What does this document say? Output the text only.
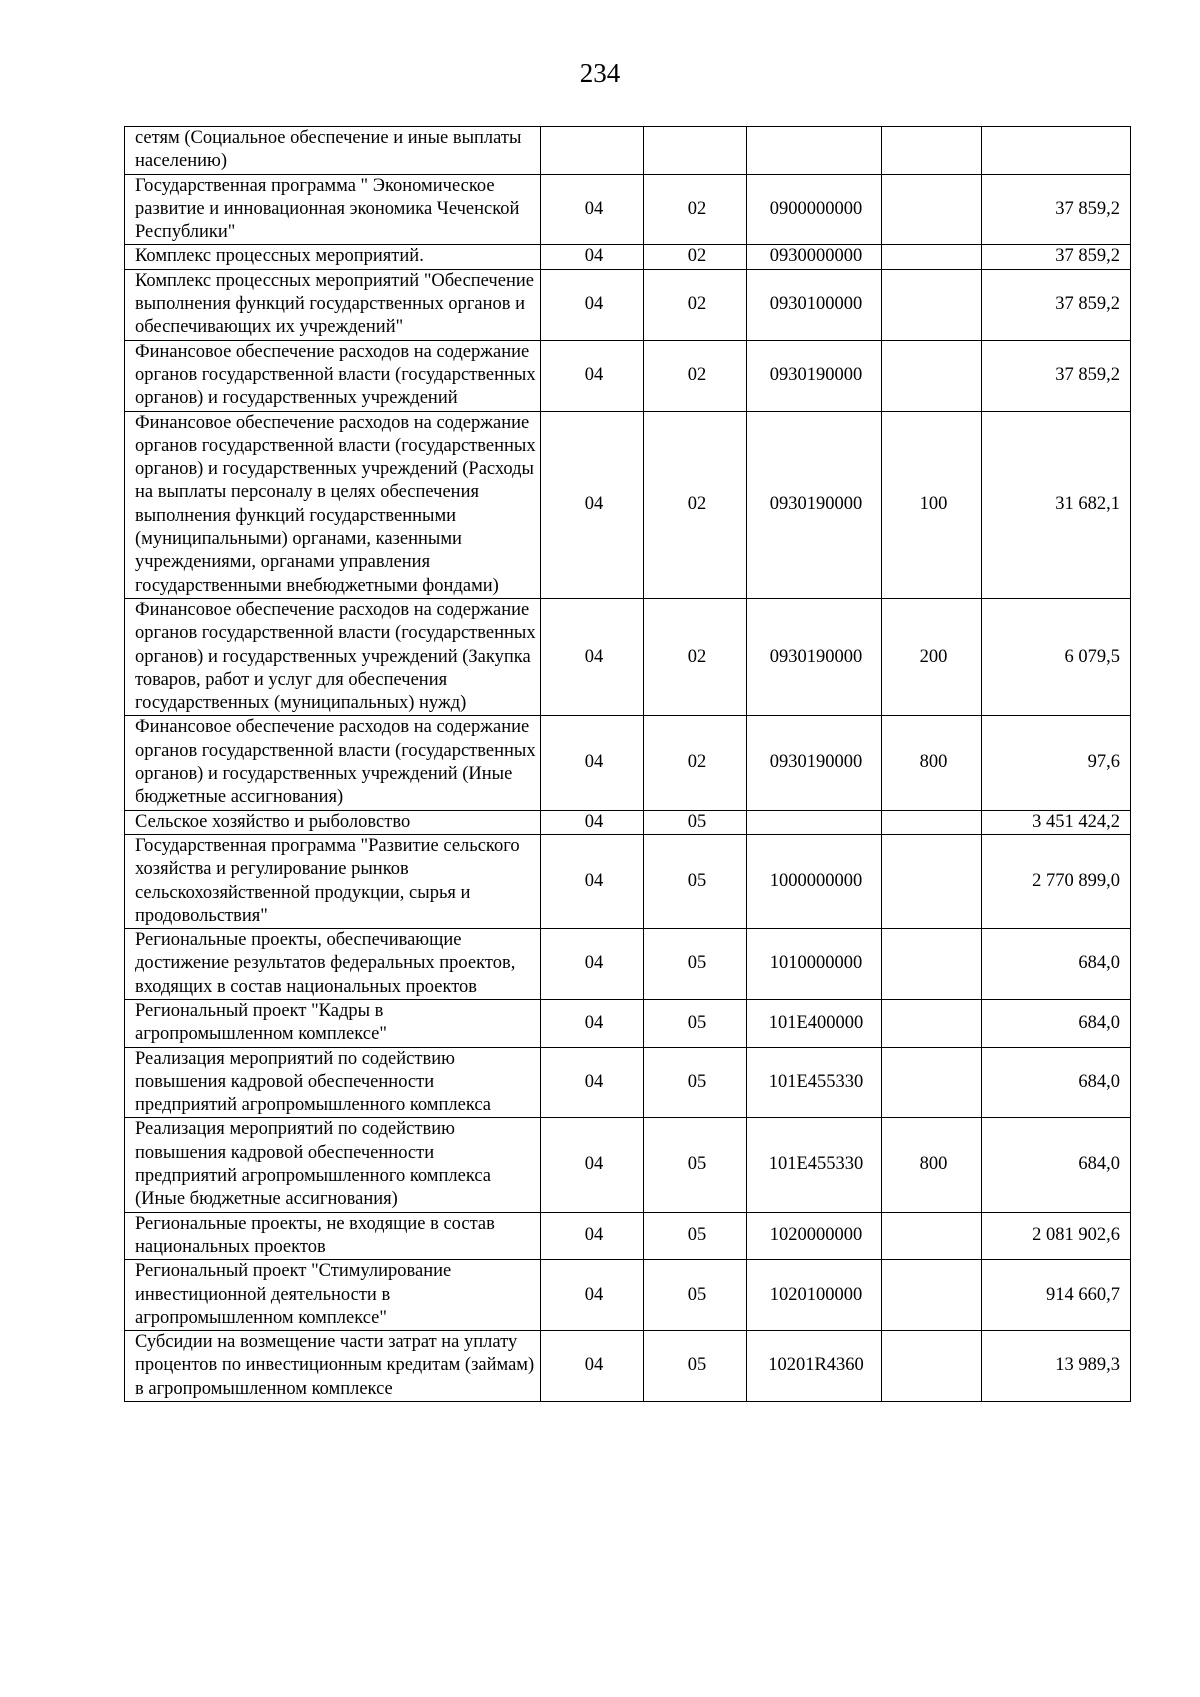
234
сетям (Социальное обеспечение и иные выплаты населению)					
Государственная программа " Экономическое развитие и инновационная экономика Чеченской Республики"	04	02	0900000000		37 859,2
Комплекс процессных мероприятий.	04	02	0930000000		37 859,2
Комплекс процессных мероприятий "Обеспечение выполнения функций государственных органов и обеспечивающих их учреждений"	04	02	0930100000		37 859,2
Финансовое обеспечение расходов на содержание органов государственной власти (государственных органов) и государственных учреждений	04	02	0930190000		37 859,2
Финансовое обеспечение расходов на содержание органов государственной власти (государственных органов) и государственных учреждений (Расходы на выплаты персоналу в целях обеспечения выполнения функций государственными (муниципальными) органами, казенными учреждениями, органами управления государственными внебюджетными фондами)	04	02	0930190000	100	31 682,1
Финансовое обеспечение расходов на содержание органов государственной власти (государственных органов) и государственных учреждений (Закупка товаров, работ и услуг для обеспечения государственных (муниципальных) нужд)	04	02	0930190000	200	6 079,5
Финансовое обеспечение расходов на содержание органов государственной власти (государственных органов) и государственных учреждений (Иные бюджетные ассигнования)	04	02	0930190000	800	97,6
Сельское хозяйство и рыболовство	04	05			3 451 424,2
Государственная программа "Развитие сельского хозяйства и регулирование рынков сельскохозяйственной продукции, сырья и продовольствия"	04	05	1000000000		2 770 899,0
Региональные проекты, обеспечивающие достижение результатов федеральных проектов, входящих в состав национальных проектов	04	05	1010000000		684,0
Региональный проект "Кадры в агропромышленном комплексе"	04	05	101E400000		684,0
Реализация мероприятий по содействию повышения кадровой обеспеченности предприятий агропромышленного комплекса	04	05	101E455330		684,0
Реализация мероприятий по содействию повышения кадровой обеспеченности предприятий агропромышленного комплекса (Иные бюджетные ассигнования)	04	05	101E455330	800	684,0
Региональные проекты, не входящие в состав национальных проектов	04	05	1020000000		2 081 902,6
Региональный проект "Стимулирование инвестиционной деятельности в агропромышленном комплексе"	04	05	1020100000		914 660,7
Субсидии на возмещение части затрат на уплату процентов по инвестиционным кредитам (займам) в агропромышленном комплексе	04	05	10201R4360		13 989,3
